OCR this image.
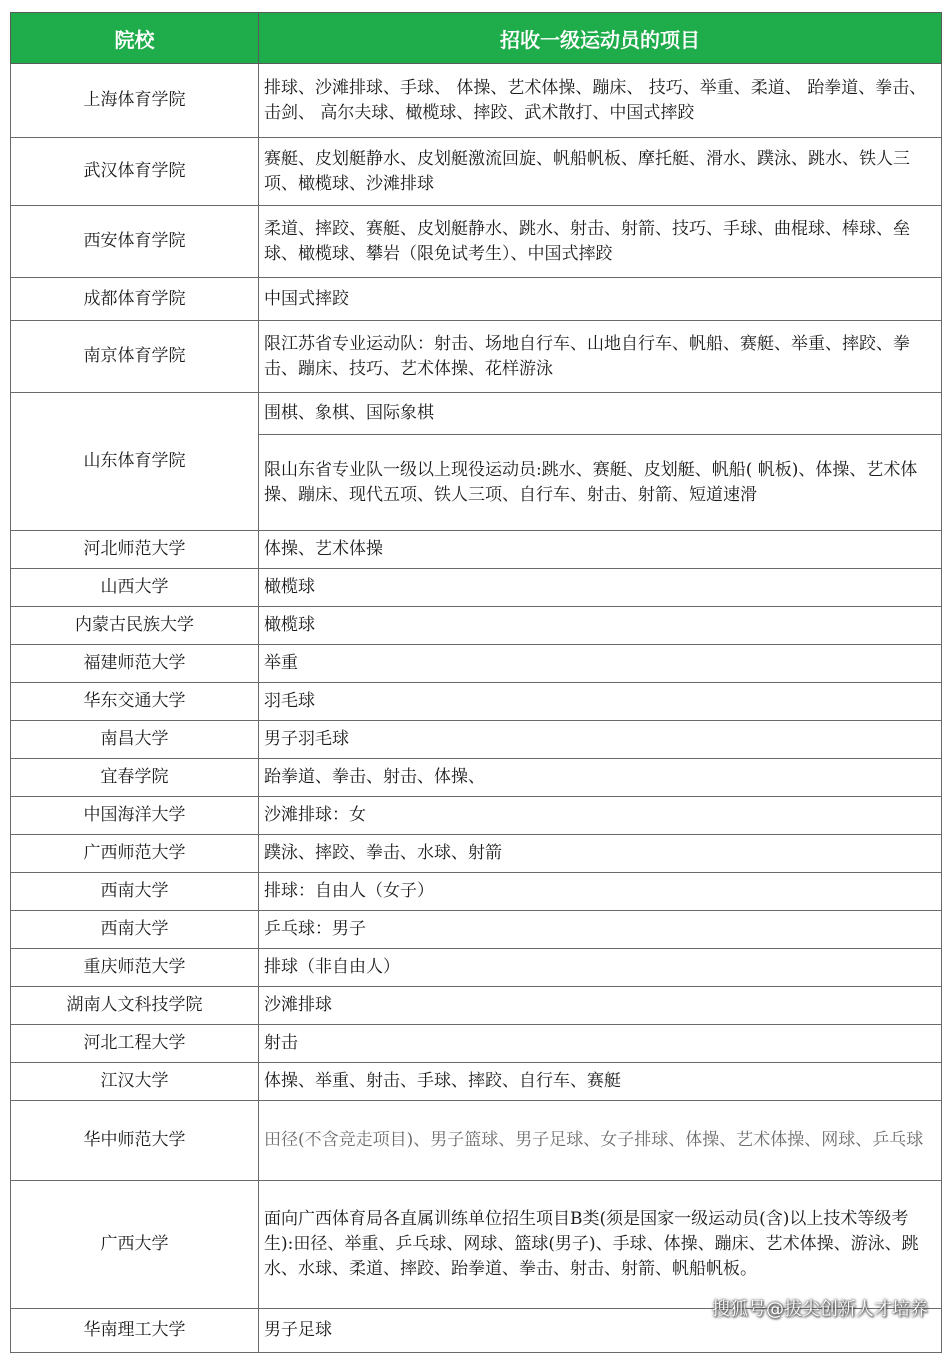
院校	招收一级运动员的项目
上海体育学院	排球、沙滩排球、手球、 体操、艺术体操、蹦床、 技巧、举重、柔道、 跆拳道、拳击、击剑、 高尔夫球、橄榄球、摔跤、武术散打、中国式摔跤
武汉体育学院	赛艇、皮划艇静水、皮划艇激流回旋、帆船帆板、摩托艇、滑水、蹼泳、跳水、铁人三项、橄榄球、沙滩排球
西安体育学院	柔道、摔跤、赛艇、皮划艇静水、跳水、射击、射箭、技巧、手球、曲棍球、棒球、垒球、橄榄球、攀岩（限免试考生）、中国式摔跤
成都体育学院	中国式摔跤
南京体育学院	限江苏省专业运动队：射击、场地自行车、山地自行车、帆船、赛艇、举重、摔跤、拳击、蹦床、技巧、艺术体操、花样游泳
山东体育学院	围棋、象棋、国际象棋
	限山东省专业队一级以上现役运动员:跳水、赛艇、皮划艇、帆船( 帆板)、体操、艺术体操、蹦床、现代五项、铁人三项、自行车、射击、射箭、短道速滑
河北师范大学	体操、艺术体操
山西大学	橄榄球
内蒙古民族大学	橄榄球
福建师范大学	举重
华东交通大学	羽毛球
南昌大学	男子羽毛球
宜春学院	跆拳道、拳击、射击、体操、
中国海洋大学	沙滩排球：女
广西师范大学	蹼泳、摔跤、拳击、水球、射箭
西南大学	排球：自由人（女子）
西南大学	乒乓球：男子
重庆师范大学	排球（非自由人）
湖南人文科技学院	沙滩排球
河北工程大学	射击
江汉大学	体操、举重、射击、手球、摔跤、自行车、赛艇
华中师范大学	田径(不含竞走项目)、男子篮球、男子足球、女子排球、体操、艺术体操、网球、乒乓球
广西大学	面向广西体育局各直属训练单位招生项目B类(须是国家一级运动员(含)以上技术等级考生):田径、举重、乒乓球、网球、篮球(男子)、手球、体操、蹦床、艺术体操、游泳、跳水、水球、柔道、摔跤、跆拳道、拳击、射击、射箭、帆船帆板。
华南理工大学	男子足球
搜狐号@拔尖创新人才培养
